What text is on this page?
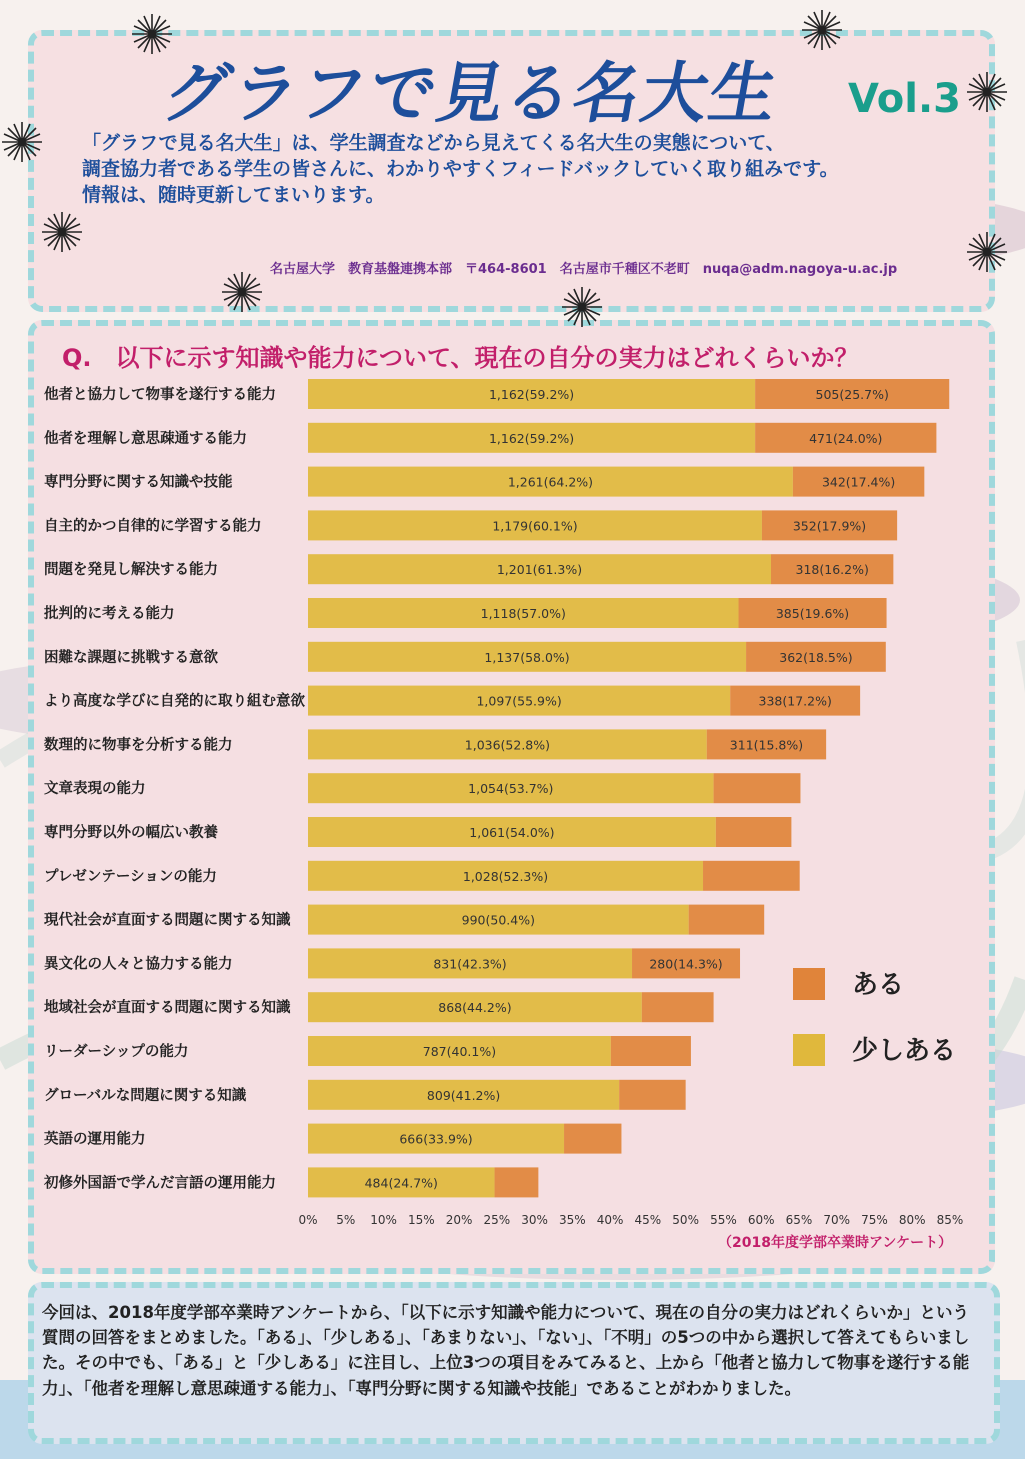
グラフで見る名大生 Vol.3

「グラフで見る名大生」は、学生調査などから見えてくる名大生の実態について、

調査協力者である学生の皆さんに、わかりやすくフィードバックしていく取り組みです。

情報は、随時更新してまいります。

名古屋大学　教育基盤連携本部　〒464-8601　名古屋市千種区不老町　nuqa@adm.nagoya-u.ac.jp
Q.　以下に示す知識や能力について、現在の自分の実力はどれくらいか？
他者と協力して物事を遂行する能力	1,162(59.2%)	505(25.7%)
他者を理解し意思疎通する能力	1,162(59.2%)	471(24.0%)
専門分野に関する知識や技能	1,261(64.2%)	342(17.4%)
自主的かつ自律的に学習する能力	1,179(60.1%)	352(17.9%)
問題を発見し解決する能力	1,201(61.3%)	318(16.2%)
批判的に考える能力	1,118(57.0%)	385(19.6%)
困難な課題に挑戦する意欲	1,137(58.0%)	362(18.5%)
より高度な学びに自発的に取り組む意欲	1,097(55.9%)	338(17.2%)
数理的に物事を分析する能力	1,036(52.8%)	311(15.8%)
文章表現の能力	1,054(53.7%)
専門分野以外の幅広い教養	1,061(54.0%)
プレゼンテーションの能力	1,028(52.3%)
現代社会が直面する問題に関する知識	990(50.4%)
異文化の人々と協力する能力	831(42.3%)	280(14.3%)
地域社会が直面する問題に関する知識	868(44.2%)
リーダーシップの能力	787(40.1%)
グローバルな問題に関する知識	809(41.2%)
英語の運用能力	666(33.9%)
初修外国語で学んだ言語の運用能力	484(24.7%)
0% 5% 10% 15% 20% 25% 30% 35% 40% 45% 50% 55% 60% 65% 70% 75% 80% 85%
ある
少しある
（2018年度学部卒業時アンケート）

今回は、2018年度学部卒業時アンケートから、「以下に示す知識や能力について、現在の自分の実力はどれくらいか」という質問の回答をまとめました。「ある」、「少しある」、「あまりない」、「ない」、「不明」の5つの中から選択して答えてもらいました。その中でも、「ある」と「少しある」に注目し、上位3つの項目をみてみると、上から「他者と協力して物事を遂行する能力」、「他者を理解し意思疎通する能力」、「専門分野に関する知識や技能」であることがわかりました。
